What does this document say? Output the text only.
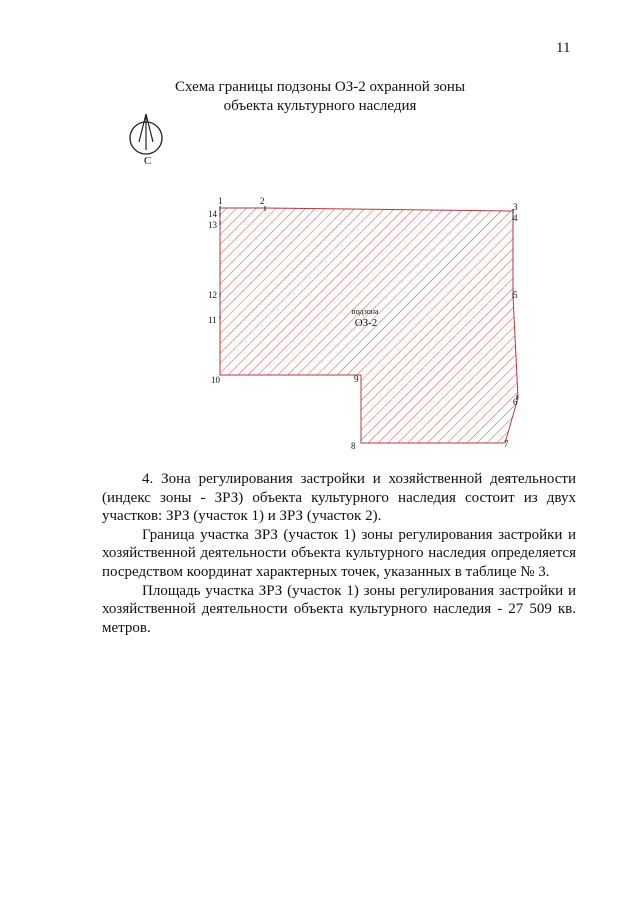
11
Схема границы подзоны ОЗ-2 охранной зоны
объекта культурного наследия
С
1	2
3
4
5
6
7
8
9
10
11
12
13
14
подзона
ОЗ-2

4. Зона регулирования застройки и хозяйственной деятельности (индекс зоны - ЗРЗ) объекта культурного наследия состоит из двух участков: ЗРЗ (участок 1) и ЗРЗ (участок 2).

Граница участка ЗРЗ (участок 1) зоны регулирования застройки и хозяйственной деятельности объекта культурного наследия определяется посредством координат характерных точек, указанных в таблице № 3.

Площадь участка ЗРЗ (участок 1) зоны регулирования застройки и хозяйственной деятельности объекта культурного наследия - 27 509 кв. метров.
